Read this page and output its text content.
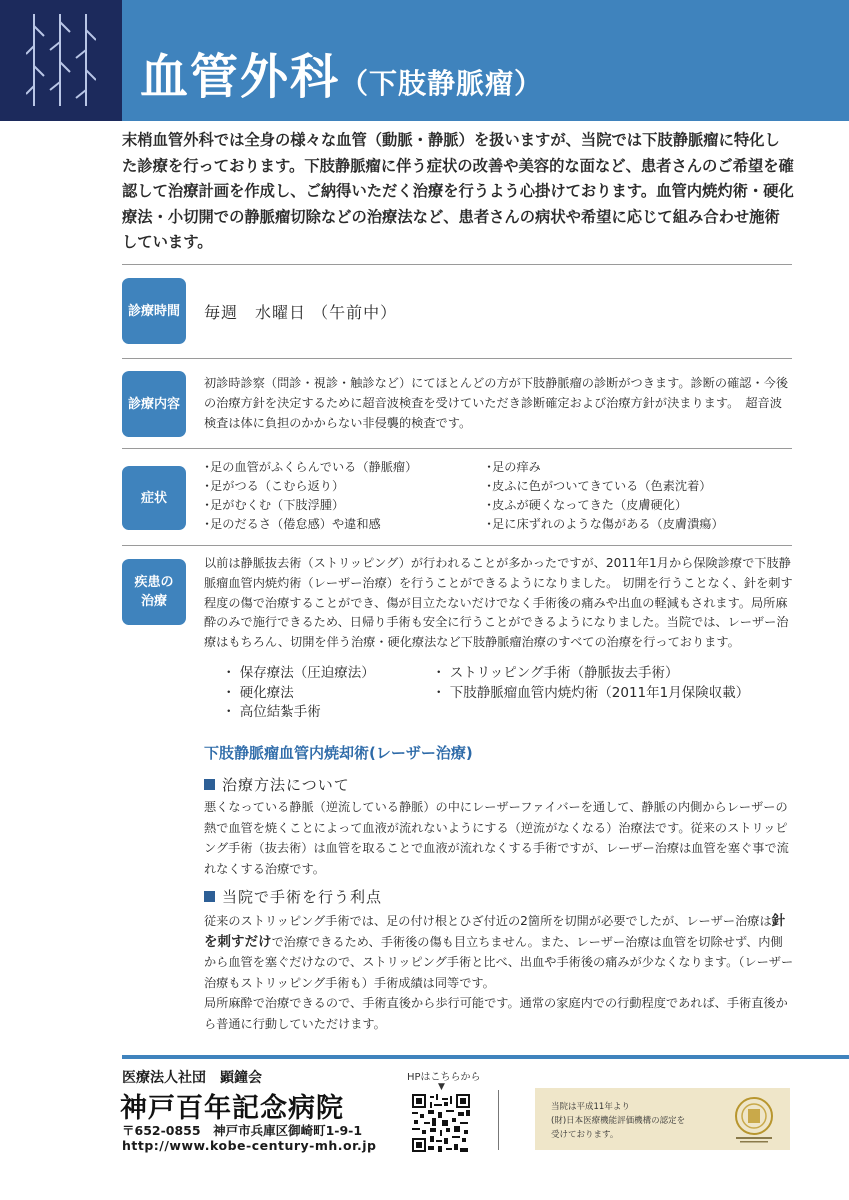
血管外科（下肢静脈瘤）
末梢血管外科では全身の様々な血管（動脈・静脈）を扱いますが、当院では下肢静脈瘤に特化した診療を行っております。下肢静脈瘤に伴う症状の改善や美容的な面など、患者さんのご希望を確認して治療計画を作成し、ご納得いただく治療を行うよう心掛けております。血管内焼灼術・硬化療法・小切開での静脈瘤切除などの治療法など、患者さんの病状や希望に応じて組み合わせ施術しています。
診療時間	毎週　水曜日 （午前中）
診療内容
初診時診察（問診・視診・触診など）にてほとんどの方が下肢静脈瘤の診断がつきます。診断の確認・今後の治療方針を決定するために超音波検査を受けていただき診断確定および治療方針が決まります。　超音波検査は体に負担のかからない非侵襲的検査です。
症状
･足の血管がふくらんでいる（静脈瘤）
･足がつる（こむら返り）
･足がむくむ（下肢浮腫）
･足のだるさ（倦怠感）や違和感
･足の痒み
･皮ふに色がついてきている（色素沈着）
･皮ふが硬くなってきた（皮膚硬化）
･足に床ずれのような傷がある（皮膚潰瘍）
疾患の
治療
以前は静脈抜去術（ストリッピング）が行われることが多かったですが、2011年1月から保険診療で下肢静脈瘤血管内焼灼術（レーザー治療）を行うことができるようになりました。 切開を行うことなく、針を刺す程度の傷で治療することができ、傷が目立たないだけでなく手術後の痛みや出血の軽減もされます。局所麻酔のみで施行できるため、日帰り手術も安全に行うことができるようになりました。当院では、レーザー治療はもちろん、切開を伴う治療・硬化療法など下肢静脈瘤治療のすべての治療を行っております。
・ 保存療法（圧迫療法）
・ 硬化療法
・ 高位結紮手術
・ ストリッピング手術（静脈抜去手術）
・ 下肢静脈瘤血管内焼灼術（2011年1月保険収載）
下肢静脈瘤血管内焼却術(レーザー治療)
治療方法について
悪くなっている静脈（逆流している静脈）の中にレーザーファイバーを通して、静脈の内側からレーザーの熱で血管を焼くことによって血液が流れないようにする（逆流がなくなる）治療法です。従来のストリッピング手術（抜去術）は血管を取ることで血液が流れなくする手術ですが、レーザー治療は血管を塞ぐ事で流れなくする治療です。
当院で手術を行う利点
従来のストリッピング手術では、足の付け根とひざ付近の2箇所を切開が必要でしたが、レーザー治療は針を刺すだけで治療できるため、手術後の傷も目立ちません。また、レーザー治療は血管を切除せず、内側から血管を塞ぐだけなので、ストリッピング手術と比べ、出血や手術後の痛みが少なくなります。（レーザー治療もストリッピング手術も）手術成績は同等です。
局所麻酔で治療できるので、手術直後から歩行可能です。通常の家庭内での行動程度であれば、手術直後から普通に行動していただけます。
医療法人社団　顕鐘会
神戸百年記念病院
〒652-0855　神戸市兵庫区御崎町1-9-1
http://www.kobe-century-mh.or.jp
HPはこちらから
▼
当院は平成11年より
(財)日本医療機能評価機構の認定を
受けております。
